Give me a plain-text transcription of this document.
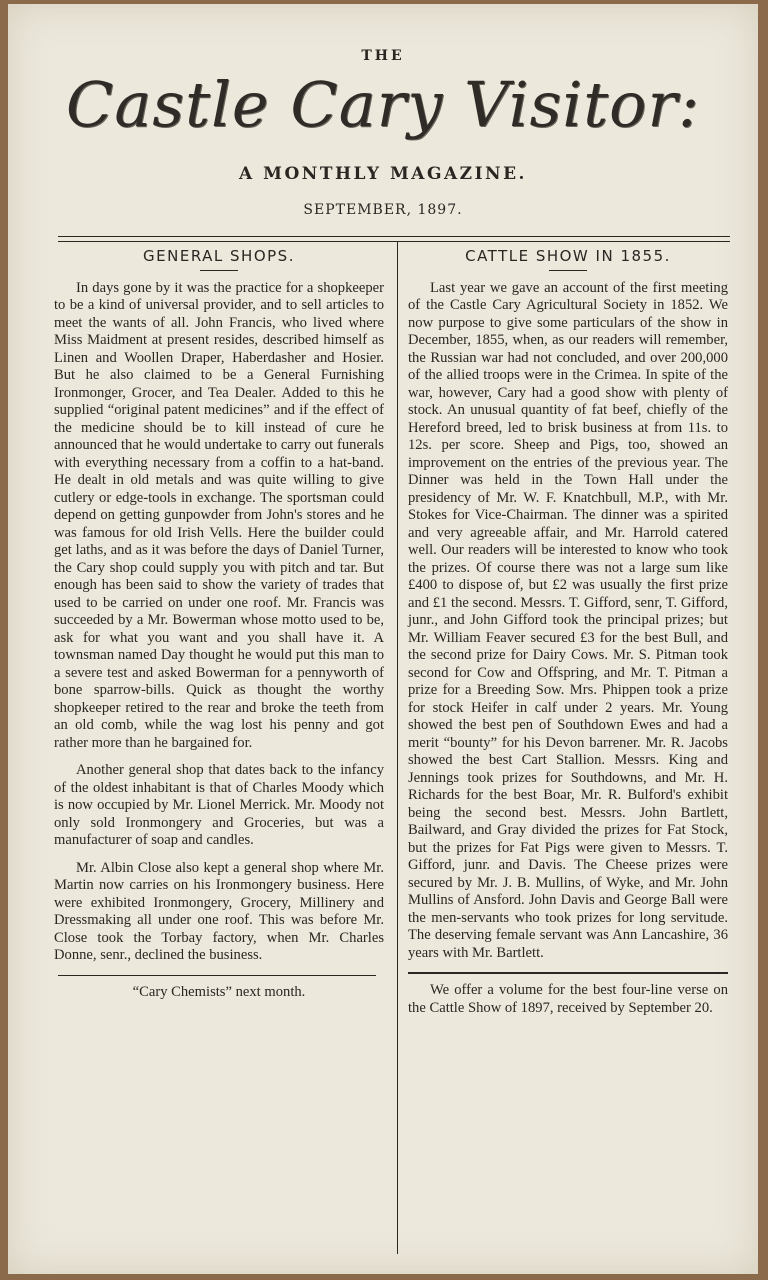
THE
Castle Cary Visitor:
A MONTHLY MAGAZINE.
SEPTEMBER, 1897.
GENERAL SHOPS.

In days gone by it was the practice for a shopkeeper to be a kind of universal provider, and to sell articles to meet the wants of all. John Francis, who lived where Miss Maidment at present resides, described himself as Linen and Woollen Draper, Haberdasher and Hosier. But he also claimed to be a General Furnishing Ironmonger, Grocer, and Tea Dealer. Added to this he supplied “original patent medicines” and if the effect of the medicine should be to kill instead of cure he announced that he would undertake to carry out funerals with everything necessary from a coffin to a hat-band. He dealt in old metals and was quite willing to give cutlery or edge-tools in exchange. The sportsman could depend on getting gunpowder from John's stores and he was famous for old Irish Vells. Here the builder could get laths, and as it was before the days of Daniel Turner, the Cary shop could supply you with pitch and tar. But enough has been said to show the variety of trades that used to be carried on under one roof. Mr. Francis was succeeded by a Mr. Bowerman whose motto used to be, ask for what you want and you shall have it. A townsman named Day thought he would put this man to a severe test and asked Bowerman for a pennyworth of bone sparrow-bills. Quick as thought the worthy shopkeeper retired to the rear and broke the teeth from an old comb, while the wag lost his penny and got rather more than he bargained for.

Another general shop that dates back to the infancy of the oldest inhabitant is that of Charles Moody which is now occupied by Mr. Lionel Merrick. Mr. Moody not only sold Ironmongery and Groceries, but was a manufacturer of soap and candles.

Mr. Albin Close also kept a general shop where Mr. Martin now carries on his Ironmongery business. Here were exhibited Ironmongery, Grocery, Millinery and Dressmaking all under one roof. This was before Mr. Close took the Torbay factory, when Mr. Charles Donne, senr., declined the business.

“Cary Chemists” next month.
CATTLE SHOW IN 1855.

Last year we gave an account of the first meeting of the Castle Cary Agricultural Society in 1852. We now purpose to give some particulars of the show in December, 1855, when, as our readers will remember, the Russian war had not concluded, and over 200,000 of the allied troops were in the Crimea. In spite of the war, however, Cary had a good show with plenty of stock. An unusual quantity of fat beef, chiefly of the Hereford breed, led to brisk business at from 11s. to 12s. per score. Sheep and Pigs, too, showed an improvement on the entries of the previous year. The Dinner was held in the Town Hall under the presidency of Mr. W. F. Knatchbull, M.P., with Mr. Stokes for Vice-Chairman. The dinner was a spirited and very agreeable affair, and Mr. Harrold catered well. Our readers will be interested to know who took the prizes. Of course there was not a large sum like £400 to dispose of, but £2 was usually the first prize and £1 the second. Messrs. T. Gifford, senr, T. Gifford, junr., and John Gifford took the principal prizes; but Mr. William Feaver secured £3 for the best Bull, and the second prize for Dairy Cows. Mr. S. Pitman took second for Cow and Offspring, and Mr. T. Pitman a prize for a Breeding Sow. Mrs. Phippen took a prize for stock Heifer in calf under 2 years. Mr. Young showed the best pen of Southdown Ewes and had a merit “bounty” for his Devon barrener. Mr. R. Jacobs showed the best Cart Stallion. Messrs. King and Jennings took prizes for Southdowns, and Mr. H. Richards for the best Boar, Mr. R. Bulford's exhibit being the second best. Messrs. John Bartlett, Bailward, and Gray divided the prizes for Fat Stock, but the prizes for Fat Pigs were given to Messrs. T. Gifford, junr. and Davis. The Cheese prizes were secured by Mr. J. B. Mullins, of Wyke, and Mr. John Mullins of Ansford. John Davis and George Ball were the men-servants who took prizes for long servitude. The deserving female servant was Ann Lancashire, 36 years with Mr. Bartlett.

We offer a volume for the best four-line verse on the Cattle Show of 1897, received by September 20.
